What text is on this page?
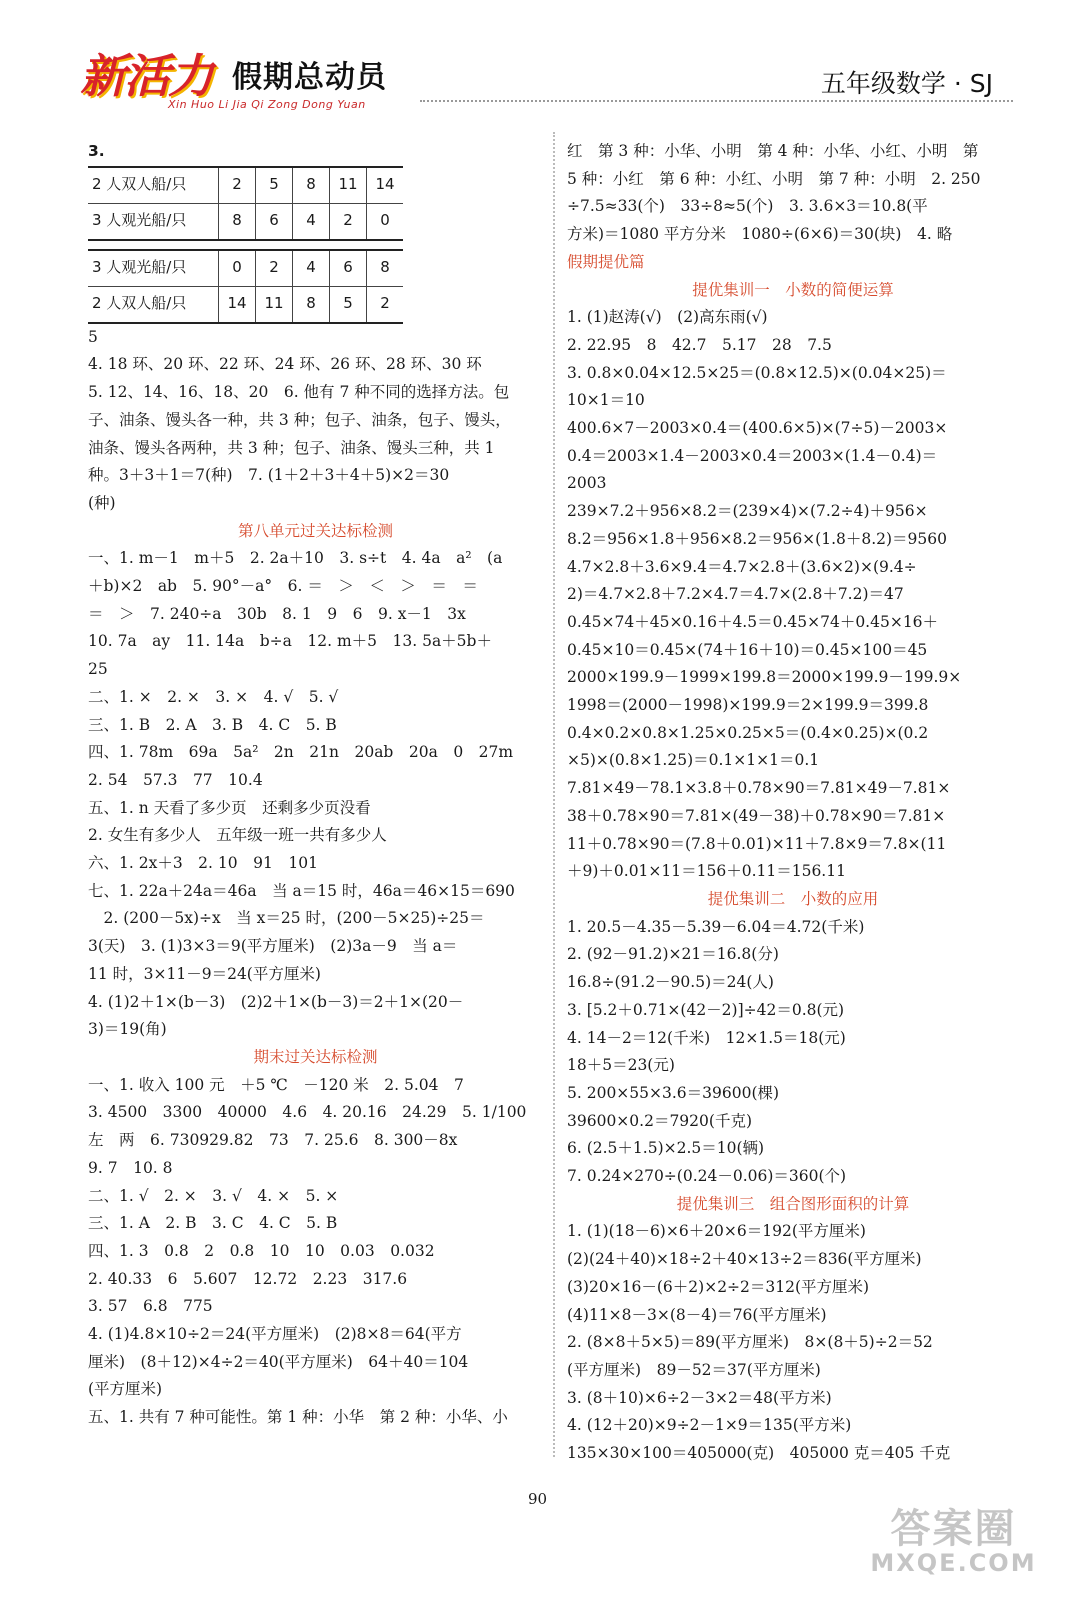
新活力 假期总动员
Xin Huo Li Jia Qi Zong Dong Yuan
五年级数学 · SJ
3.
2 人双人船/只	2	5	8	11	14
3 人观光船/只	8	6	4	2	0
3 人观光船/只	0	2	4	6	8
2 人双人船/只	14	11	8	5	2
5
4. 18 环、20 环、22 环、24 环、26 环、28 环、30 环
5. 12、14、16、18、20　6. 他有 7 种不同的选择方法。包
子、油条、馒头各一种，共 3 种；包子、油条，包子、馒头，
油条、馒头各两种，共 3 种；包子、油条、馒头三种，共 1
种。3＋3＋1＝7(种)　7. (1＋2＋3＋4＋5)×2＝30
(种)
第八单元过关达标检测
一、1. m－1　m＋5　2. 2a＋10　3. s÷t　4. 4a　a²　(a
＋b)×2　ab　5. 90°－a°　6. ＝　＞　＜　＞　＝　＝
＝　＞　7. 240÷a　30b　8. 1　9　6　9. x－1　3x
10. 7a　ay　11. 14a　b÷a　12. m＋5　13. 5a＋5b＋
25
二、1. ×　2. ×　3. ×　4. √　5. √
三、1. B　2. A　3. B　4. C　5. B
四、1. 78m　69a　5a²　2n　21n　20ab　20a　0　27m
2. 54　57.3　77　10.4
五、1. n 天看了多少页　还剩多少页没看
2. 女生有多少人　五年级一班一共有多少人
六、1. 2x＋3　2. 10　91　101
七、1. 22a＋24a＝46a　当 a＝15 时，46a＝46×15＝690
　2. (200－5x)÷x　当 x＝25 时，(200－5×25)÷25＝
3(天)　3. (1)3×3＝9(平方厘米)　(2)3a－9　当 a＝
11 时，3×11－9＝24(平方厘米)
4. (1)2＋1×(b－3)　(2)2＋1×(b－3)＝2＋1×(20－
3)＝19(角)
期末过关达标检测
一、1. 收入 100 元　＋5 ℃　－120 米　2. 5.04　7
3. 4500　3300　40000　4.6　4. 20.16　24.29　5. 1/100
左　两　6. 730929.82　73　7. 25.6　8. 300－8x
9. 7　10. 8
二、1. √　2. ×　3. √　4. ×　5. ×
三、1. A　2. B　3. C　4. C　5. B
四、1. 3　0.8　2　0.8　10　10　0.03　0.032
2. 40.33　6　5.607　12.72　2.23　317.6
3. 57　6.8　775
4. (1)4.8×10÷2＝24(平方厘米)　(2)8×8＝64(平方
厘米)　(8＋12)×4÷2＝40(平方厘米)　64＋40＝104
(平方厘米)
五、1. 共有 7 种可能性。第 1 种：小华　第 2 种：小华、小
红　第 3 种：小华、小明　第 4 种：小华、小红、小明　第
5 种：小红　第 6 种：小红、小明　第 7 种：小明　2. 250
÷7.5≈33(个)　33÷8≈5(个)　3. 3.6×3＝10.8(平
方米)＝1080 平方分米　1080÷(6×6)＝30(块)　4. 略
假期提优篇
提优集训一　小数的简便运算
1. (1)赵涛(√)　(2)高东雨(√)
2. 22.95　8　42.7　5.17　28　7.5
3. 0.8×0.04×12.5×25＝(0.8×12.5)×(0.04×25)＝
10×1＝10
400.6×7－2003×0.4＝(400.6×5)×(7÷5)－2003×
0.4＝2003×1.4－2003×0.4＝2003×(1.4－0.4)＝
2003
239×7.2＋956×8.2＝(239×4)×(7.2÷4)＋956×
8.2＝956×1.8＋956×8.2＝956×(1.8＋8.2)＝9560
4.7×2.8＋3.6×9.4＝4.7×2.8＋(3.6×2)×(9.4÷
2)＝4.7×2.8＋7.2×4.7＝4.7×(2.8＋7.2)＝47
0.45×74＋45×0.16＋4.5＝0.45×74＋0.45×16＋
0.45×10＝0.45×(74＋16＋10)＝0.45×100＝45
2000×199.9－1999×199.8＝2000×199.9－199.9×
1998＝(2000－1998)×199.9＝2×199.9＝399.8
0.4×0.2×0.8×1.25×0.25×5＝(0.4×0.25)×(0.2
×5)×(0.8×1.25)＝0.1×1×1＝0.1
7.81×49－78.1×3.8＋0.78×90＝7.81×49－7.81×
38＋0.78×90＝7.81×(49－38)＋0.78×90＝7.81×
11＋0.78×90＝(7.8＋0.01)×11＋7.8×9＝7.8×(11
＋9)＋0.01×11＝156＋0.11＝156.11
提优集训二　小数的应用
1. 20.5－4.35－5.39－6.04＝4.72(千米)
2. (92－91.2)×21＝16.8(分)
16.8÷(91.2－90.5)＝24(人)
3. [5.2＋0.71×(42－2)]÷42＝0.8(元)
4. 14－2＝12(千米)　12×1.5＝18(元)
18＋5＝23(元)
5. 200×55×3.6＝39600(棵)
39600×0.2＝7920(千克)
6. (2.5＋1.5)×2.5＝10(辆)
7. 0.24×270÷(0.24－0.06)＝360(个)
提优集训三　组合图形面积的计算
1. (1)(18－6)×6＋20×6＝192(平方厘米)
(2)(24＋40)×18÷2＋40×13÷2＝836(平方厘米)
(3)20×16－(6＋2)×2÷2＝312(平方厘米)
(4)11×8－3×(8－4)＝76(平方厘米)
2. (8×8＋5×5)＝89(平方厘米)　8×(8＋5)÷2＝52
(平方厘米)　89－52＝37(平方厘米)
3. (8＋10)×6÷2－3×2＝48(平方米)
4. (12＋20)×9÷2－1×9＝135(平方米)
135×30×100＝405000(克)　405000 克＝405 千克
90
答案圈
MXQE.COM
